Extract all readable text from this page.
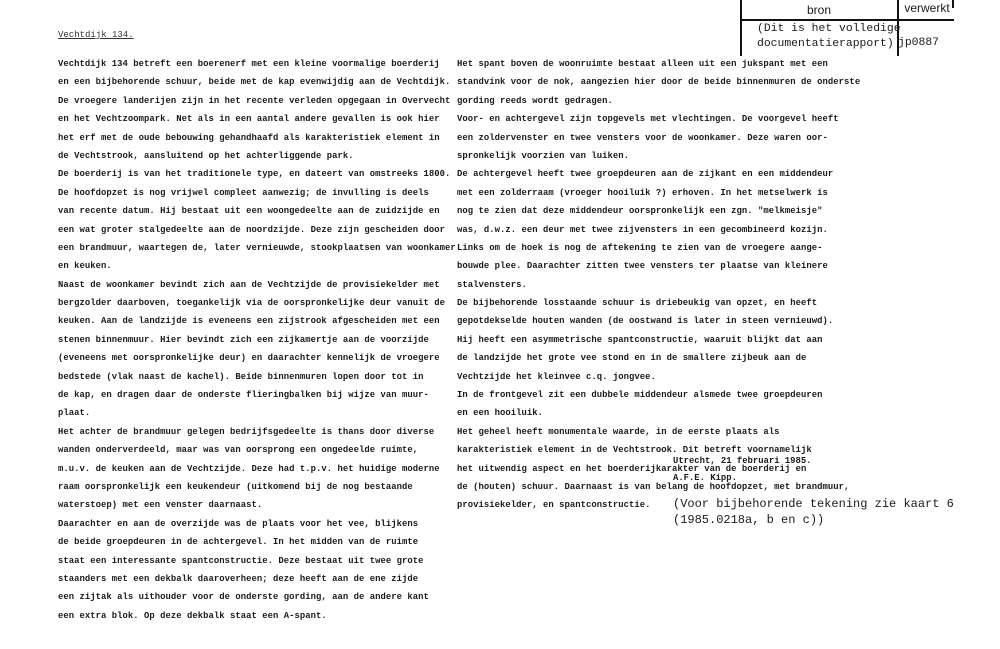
bron	verwerkt
(Dit is het volledige
documentatierapport) jp0887
Vechtdijk 134.
Vechtdijk 134 betreft een boerenerf met een kleine voormalige boerderij
en een bijbehorende schuur, beide met de kap evenwijdig aan de Vechtdijk.
De vroegere landerijen zijn in het recente verleden opgegaan in Overvecht
en het Vechtzoompark. Net als in een aantal andere gevallen is ook hier
het erf met de oude bebouwing gehandhaafd als karakteristiek element in
de Vechtstrook, aansluitend op het achterliggende park.
De boerderij is van het traditionele type, en dateert van omstreeks 1800.
De hoofdopzet is nog vrijwel compleet aanwezig; de invulling is deels
van recente datum. Hij bestaat uit een woongedeelte aan de zuidzijde en
een wat groter stalgedeelte aan de noordzijde. Deze zijn gescheiden door
een brandmuur, waartegen de, later vernieuwde, stookplaatsen van woonkamer
en keuken.
Naast de woonkamer bevindt zich aan de Vechtzijde de provisiekelder met
bergzolder daarboven, toegankelijk via de oorspronkelijke deur vanuit de
keuken. Aan de landzijde is eveneens een zijstrook afgescheiden met een
stenen binnenmuur. Hier bevindt zich een zijkamertje aan de voorzijde
(eveneens met oorspronkelijke deur) en daarachter kennelijk de vroegere
bedstede (vlak naast de kachel). Beide binnenmuren lopen door tot in
de kap, en dragen daar de onderste flieringbalken bij wijze van muur-
plaat.
Het achter de brandmuur gelegen bedrijfsgedeelte is thans door diverse
wanden onderverdeeld, maar was van oorsprong een ongedeelde ruimte,
m.u.v. de keuken aan de Vechtzijde. Deze had t.p.v. het huidige moderne
raam oorspronkelijk een keukendeur (uitkomend bij de nog bestaande
waterstoep) met een venster daarnaast.
Daarachter en aan de overzijde was de plaats voor het vee, blijkens
de beide groepdeuren in de achtergevel. In het midden van de ruimte
staat een interessante spantconstructie. Deze bestaat uit twee grote
staanders met een dekbalk daaroverheen; deze heeft aan de ene zijde
een zijtak als uithouder voor de onderste gording, aan de andere kant
een extra blok. Op deze dekbalk staat een A-spant.
Het spant boven de woonruimte bestaat alleen uit een jukspant met een
standvink voor de nok, aangezien hier door de beide binnenmuren de onderste
gording reeds wordt gedragen.
Voor- en achtergevel zijn topgevels met vlechtingen. De voorgevel heeft
een zoldervenster en twee vensters voor de woonkamer. Deze waren oor-
spronkelijk voorzien van luiken.
De achtergevel heeft twee groepdeuren aan de zijkant en een middendeur
met een zolderraam (vroeger hooiluik ?) erhoven. In het metselwerk is
nog te zien dat deze middendeur oorspronkelijk een zgn. "melkmeisje"
was, d.w.z. een deur met twee zijvensters in een gecombineerd kozijn.
Links om de hoek is nog de aftekening te zien van de vroegere aange-
bouwde plee. Daarachter zitten twee vensters ter plaatse van kleinere
stalvensters.
De bijbehorende losstaande schuur is driebeukig van opzet, en heeft
gepotdekselde houten wanden (de oostwand is later in steen vernieuwd).
Hij heeft een asymmetrische spantconstructie, waaruit blijkt dat aan
de landzijde het grote vee stond en in de smallere zijbeuk aan de
Vechtzijde het kleinvee c.q. jongvee.
In de frontgevel zit een dubbele middendeur alsmede twee groepdeuren
en een hooiluik.
Het geheel heeft monumentale waarde, in de eerste plaats als
karakteristiek element in de Vechtstrook. Dit betreft voornamelijk
het uitwendig aspect en het boerderijkarakter van de boerderij en
de (houten) schuur. Daarnaast is van belang de hoofdopzet, met brandmuur,
provisiekelder, en spantconstructie.
Utrecht, 21 februari 1985.
A.F.E. Kipp.
(Voor bijbehorende tekening zie kaart 6
(1985.0218a, b en c))
